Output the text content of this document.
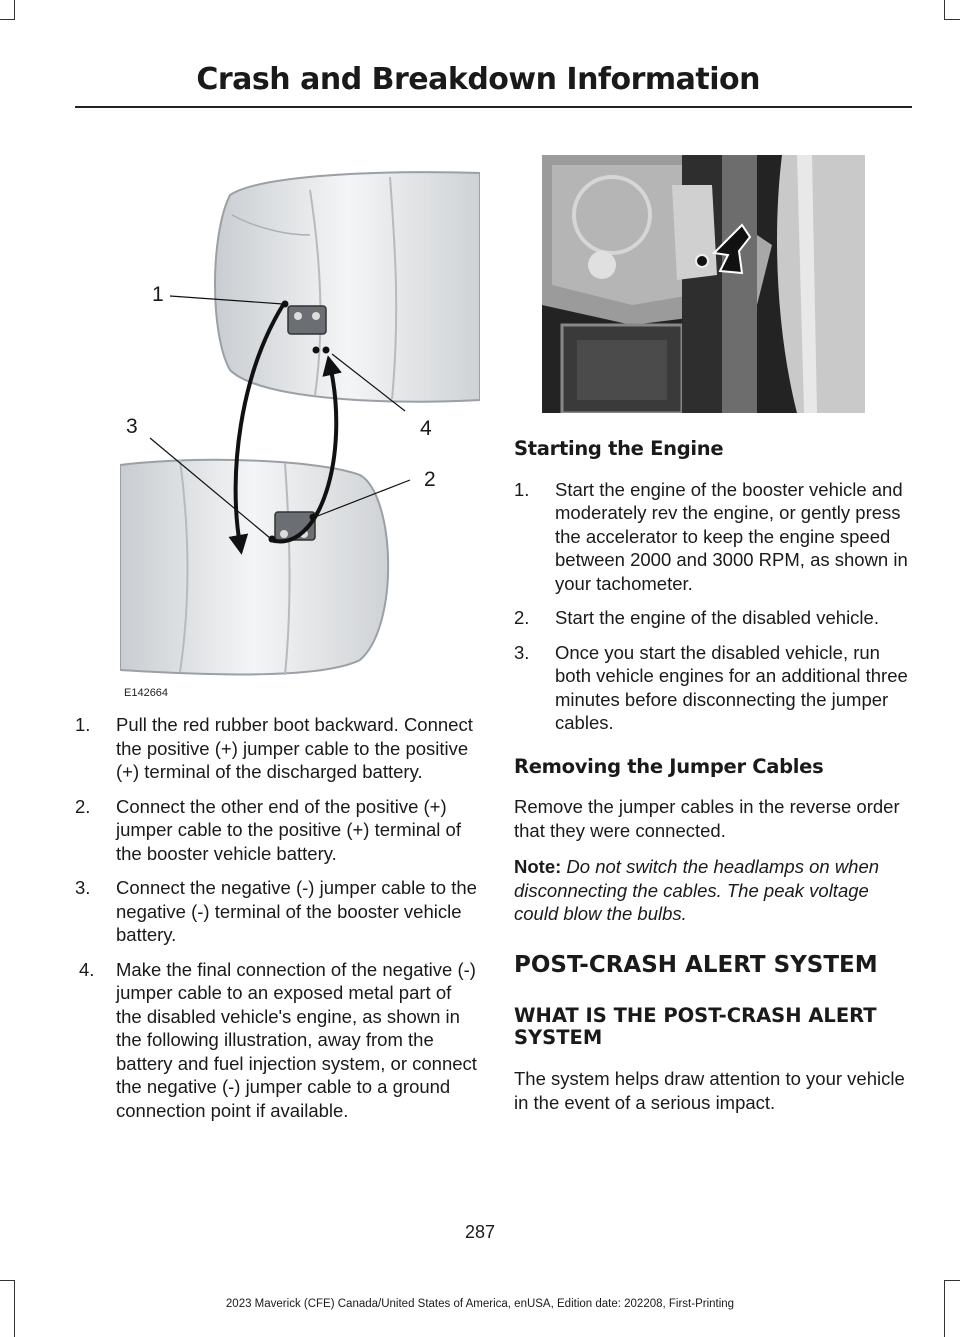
Crash and Breakdown Information
1
3	4
2
E142664
1. Pull the red rubber boot backward. Connect the positive (+) jumper cable to the positive (+) terminal of the discharged battery.
2. Connect the other end of the positive (+) jumper cable to the positive (+) terminal of the booster vehicle battery.
3. Connect the negative (-) jumper cable to the negative (-) terminal of the booster vehicle battery.
4. Make the final connection of the negative (-) jumper cable to an exposed metal part of the disabled vehicle's engine, as shown in the following illustration, away from the battery and fuel injection system, or connect the negative (-) jumper cable to a ground connection point if available.
Starting the Engine
1. Start the engine of the booster vehicle and moderately rev the engine, or gently press the accelerator to keep the engine speed between 2000 and 3000 RPM, as shown in your tachometer.
2. Start the engine of the disabled vehicle.
3. Once you start the disabled vehicle, run both vehicle engines for an additional three minutes before disconnecting the jumper cables.
Removing the Jumper Cables

Remove the jumper cables in the reverse order that they were connected.

Note: Do not switch the headlamps on when disconnecting the cables. The peak voltage could blow the bulbs.

POST-CRASH ALERT SYSTEM
WHAT IS THE POST-CRASH ALERT SYSTEM

The system helps draw attention to your vehicle in the event of a serious impact.

287
2023 Maverick (CFE) Canada/United States of America, enUSA, Edition date: 202208, First-Printing
